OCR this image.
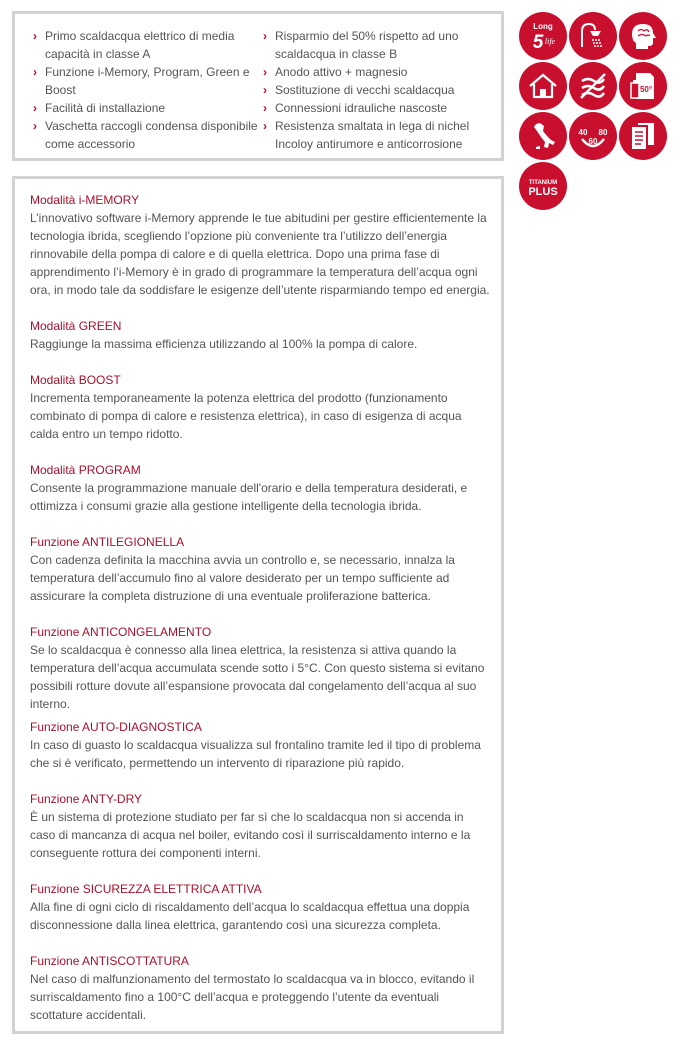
› Primo scaldacqua elettrico di media capacità in classe A

› Funzione i-Memory, Program, Green e Boost

› Facilità di installazione

› Vaschetta raccogli condensa disponibile come accessorio

› Risparmio del 50% rispetto ad uno scaldacqua in classe B

› Anodo attivo + magnesio

› Sostituzione di vecchi scaldacqua

› Connessioni idrauliche nascoste

› Resistenza smaltata in lega di nichel Incoloy antirumore e anticorrosione

Modalità i-MEMORY

L’innovativo software i-Memory apprende le tue abitudini per gestire efficientemente la tecnologia ibrida, scegliendo l’opzione più conveniente tra l’utilizzo dell’energia rinnovabile della pompa di calore e di quella elettrica. Dopo una prima fase di apprendimento l’i-Memory è in grado di programmare la temperatura dell’acqua ogni ora, in modo tale da soddisfare le esigenze dell’utente risparmiando tempo ed energia.

Modalità GREEN

Raggiunge la massima efficienza utilizzando al 100% la pompa di calore.

Modalità BOOST

Incrementa temporaneamente la potenza elettrica del prodotto (funzionamento combinato di pompa di calore e resistenza elettrica), in caso di esigenza di acqua calda entro un tempo ridotto.

Modalità PROGRAM

Consente la programmazione manuale dell'orario e della temperatura desiderati, e ottimizza i consumi grazie alla gestione intelligente della tecnologia ibrida.

Funzione ANTILEGIONELLA

Con cadenza definita la macchina avvia un controllo e, se necessario, innalza la temperatura dell’accumulo fino al valore desiderato per un tempo sufficiente ad assicurare la completa distruzione di una eventuale proliferazione batterica.

Funzione ANTICONGELAMENTO

Se lo scaldacqua è connesso alla linea elettrica, la resistenza si attiva quando la temperatura dell’acqua accumulata scende sotto i 5°C. Con questo sistema si evitano possibili rotture dovute all’espansione provocata dal congelamento dell’acqua al suo interno.

Funzione AUTO-DIAGNOSTICA

In caso di guasto lo scaldacqua visualizza sul frontalino tramite led il tipo di problema che si è verificato, permettendo un intervento di riparazione più rapido.

Funzione ANTY-DRY

È un sistema di protezione studiato per far sì che lo scaldacqua non si accenda in caso di mancanza di acqua nel boiler, evitando così il surriscaldamento interno e la conseguente rottura dei componenti interni.

Funzione SICUREZZA ELETTRICA ATTIVA

Alla fine di ogni ciclo di riscaldamento dell’acqua lo scaldacqua effettua una doppia disconnessione dalla linea elettrica, garantendo così una sicurezza completa.

Funzione ANTISCOTTATURA

Nel caso di malfunzionamento del termostato lo scaldacqua va in blocco, evitando il surriscaldamento fino a 100°C dell’acqua e proteggendo l’utente da eventuali scottature accidentali.

Long
5 life
50°
40
60
80
TITANIUM
PLUS
